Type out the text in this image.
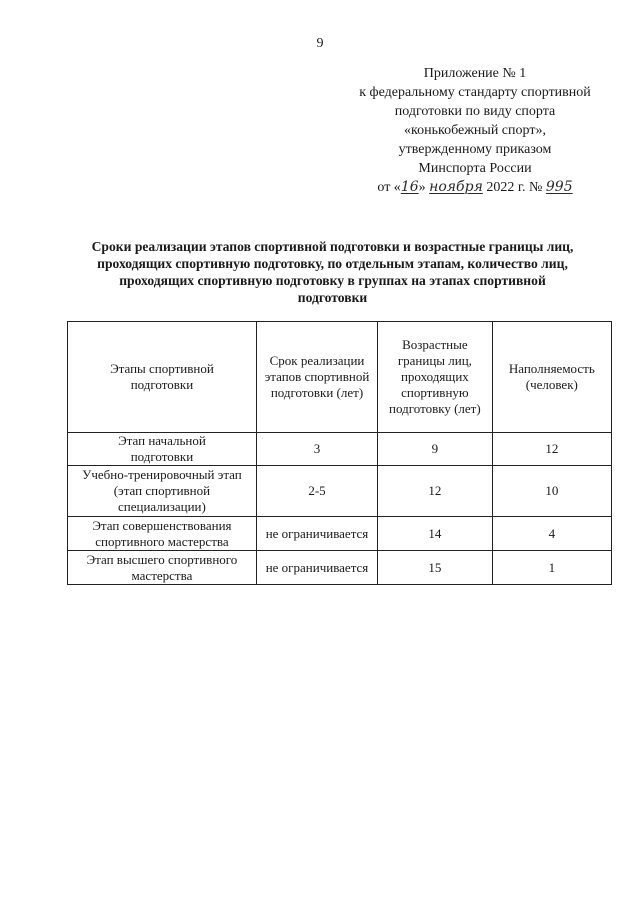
9
Приложение № 1
к федеральному стандарту спортивной
подготовки по виду спорта
«конькобежный спорт»,
утвержденному приказом
Минспорта России
от «16» ноября 2022 г. № 995
Сроки реализации этапов спортивной подготовки и возрастные границы лиц,
проходящих спортивную подготовку, по отдельным этапам, количество лиц,
проходящих спортивную подготовку в группах на этапах спортивной
подготовки
Этапы спортивной подготовки	Срок реализации этапов спортивной подготовки (лет)	Возрастные границы лиц, проходящих спортивную подготовку (лет)	Наполняемость (человек)
Этап начальной подготовки	3	9	12
Учебно-тренировочный этап (этап спортивной специализации)	2-5	12	10
Этап совершенствования спортивного мастерства	не ограничивается	14	4
Этап высшего спортивного мастерства	не ограничивается	15	1
